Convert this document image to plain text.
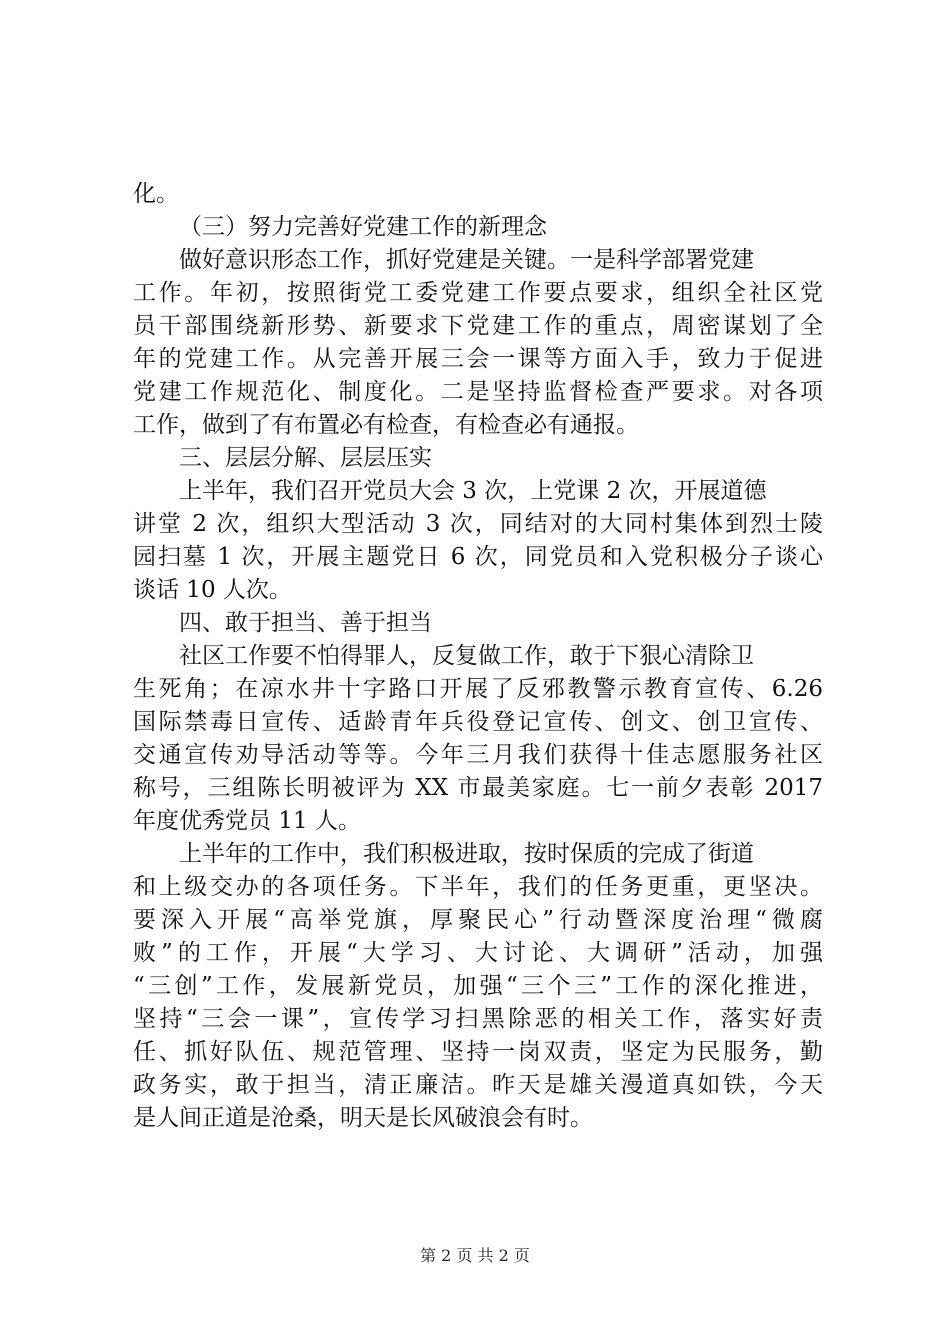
化。
（三）努力完善好党建工作的新理念
做好意识形态工作，抓好党建是关键。一是科学部署党建
工作。年初，按照街党工委党建工作要点要求，组织全社区党
员干部围绕新形势、新要求下党建工作的重点，周密谋划了全
年的党建工作。从完善开展三会一课等方面入手，致力于促进
党建工作规范化、制度化。二是坚持监督检查严要求。对各项
工作，做到了有布置必有检查，有检查必有通报。
三、层层分解、层层压实
上半年，我们召开党员大会 3 次，上党课 2 次，开展道德
讲堂 2 次，组织大型活动 3 次，同结对的大同村集体到烈士陵
园扫墓 1 次，开展主题党日 6 次，同党员和入党积极分子谈心
谈话 10 人次。
四、敢于担当、善于担当
社区工作要不怕得罪人，反复做工作，敢于下狠心清除卫
生死角；在凉水井十字路口开展了反邪教警示教育宣传、6.26
国际禁毒日宣传、适龄青年兵役登记宣传、创文、创卫宣传、
交通宣传劝导活动等等。今年三月我们获得十佳志愿服务社区
称号，三组陈长明被评为 XX 市最美家庭。七一前夕表彰 2017
年度优秀党员 11 人。
上半年的工作中，我们积极进取，按时保质的完成了街道
和上级交办的各项任务。下半年，我们的任务更重，更坚决。
要深入开展“高举党旗，厚聚民心”行动暨深度治理“微腐
败”的工作，开展“大学习、大讨论、大调研”活动，加强
“三创”工作，发展新党员，加强“三个三”工作的深化推进，
坚持“三会一课”，宣传学习扫黑除恶的相关工作，落实好责
任、抓好队伍、规范管理、坚持一岗双责，坚定为民服务，勤
政务实，敢于担当，清正廉洁。昨天是雄关漫道真如铁，今天
是人间正道是沧桑，明天是长风破浪会有时。
第 2 页 共 2 页
